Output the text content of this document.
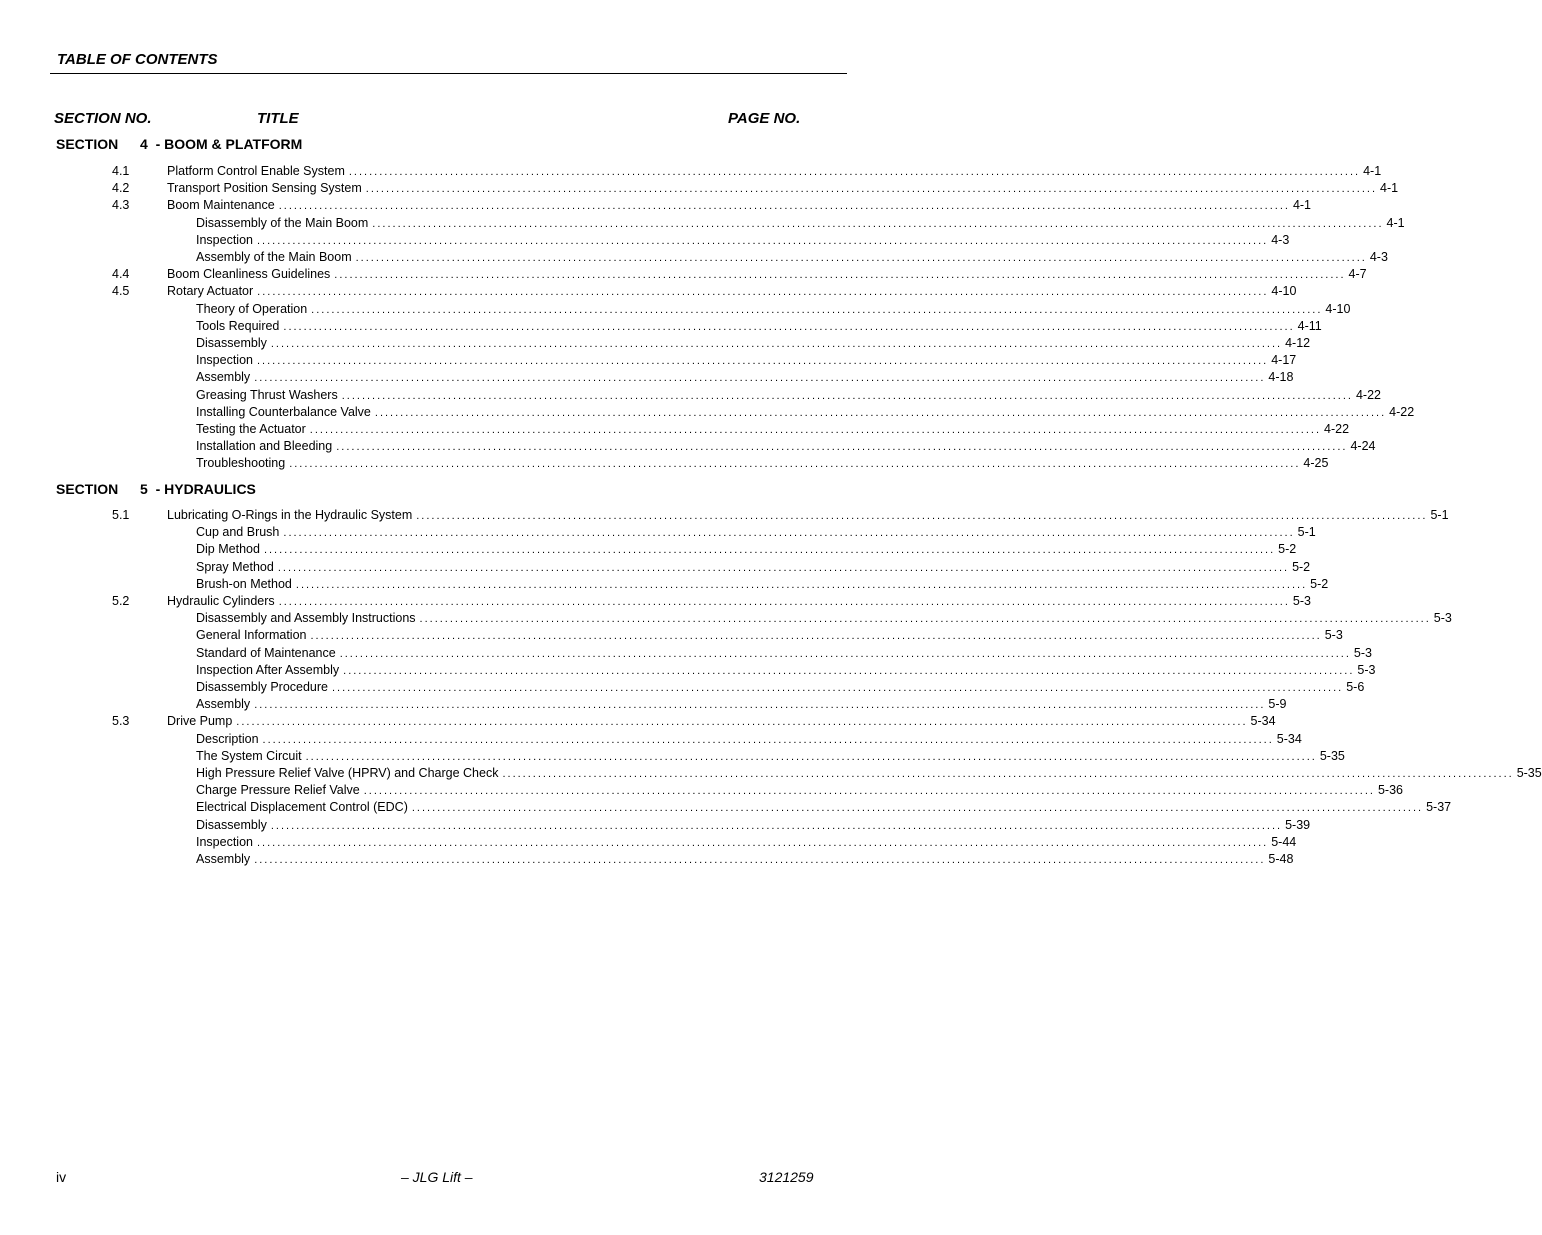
TABLE OF CONTENTS
SECTION NO.	TITLE	PAGE NO.
SECTION 4  - BOOM & PLATFORM
4.1	Platform Control Enable System ........................................................................................................................................................................................................ 4-1
4.2	Transport Position Sensing System ........................................................................................................................................................................................................ 4-1
4.3	Boom Maintenance ........................................................................................................................................................................................................ 4-1
Disassembly of the Main Boom ........................................................................................................................................................................................................ 4-1
Inspection ........................................................................................................................................................................................................ 4-3
Assembly of the Main Boom ........................................................................................................................................................................................................ 4-3
4.4	Boom Cleanliness Guidelines ........................................................................................................................................................................................................ 4-7
4.5	Rotary Actuator ........................................................................................................................................................................................................ 4-10
Theory of Operation ........................................................................................................................................................................................................ 4-10
Tools Required ........................................................................................................................................................................................................ 4-11
Disassembly ........................................................................................................................................................................................................ 4-12
Inspection ........................................................................................................................................................................................................ 4-17
Assembly ........................................................................................................................................................................................................ 4-18
Greasing Thrust Washers ........................................................................................................................................................................................................ 4-22
Installing Counterbalance Valve ........................................................................................................................................................................................................ 4-22
Testing the Actuator ........................................................................................................................................................................................................ 4-22
Installation and Bleeding ........................................................................................................................................................................................................ 4-24
Troubleshooting ........................................................................................................................................................................................................ 4-25
SECTION 5  - HYDRAULICS
5.1	Lubricating O-Rings in the Hydraulic System ........................................................................................................................................................................................................ 5-1
Cup and Brush ........................................................................................................................................................................................................ 5-1
Dip Method ........................................................................................................................................................................................................ 5-2
Spray Method ........................................................................................................................................................................................................ 5-2
Brush-on Method ........................................................................................................................................................................................................ 5-2
5.2	Hydraulic Cylinders ........................................................................................................................................................................................................ 5-3
Disassembly and Assembly Instructions ........................................................................................................................................................................................................ 5-3
General Information ........................................................................................................................................................................................................ 5-3
Standard of Maintenance ........................................................................................................................................................................................................ 5-3
Inspection After Assembly ........................................................................................................................................................................................................ 5-3
Disassembly Procedure ........................................................................................................................................................................................................ 5-6
Assembly ........................................................................................................................................................................................................ 5-9
5.3	Drive Pump ........................................................................................................................................................................................................ 5-34
Description ........................................................................................................................................................................................................ 5-34
The System Circuit ........................................................................................................................................................................................................ 5-35
High Pressure Relief Valve (HPRV) and Charge Check ........................................................................................................................................................................................................ 5-35
Charge Pressure Relief Valve ........................................................................................................................................................................................................ 5-36
Electrical Displacement Control (EDC) ........................................................................................................................................................................................................ 5-37
Disassembly ........................................................................................................................................................................................................ 5-39
Inspection ........................................................................................................................................................................................................ 5-44
Assembly ........................................................................................................................................................................................................ 5-48
iv	– JLG Lift –	3121259
